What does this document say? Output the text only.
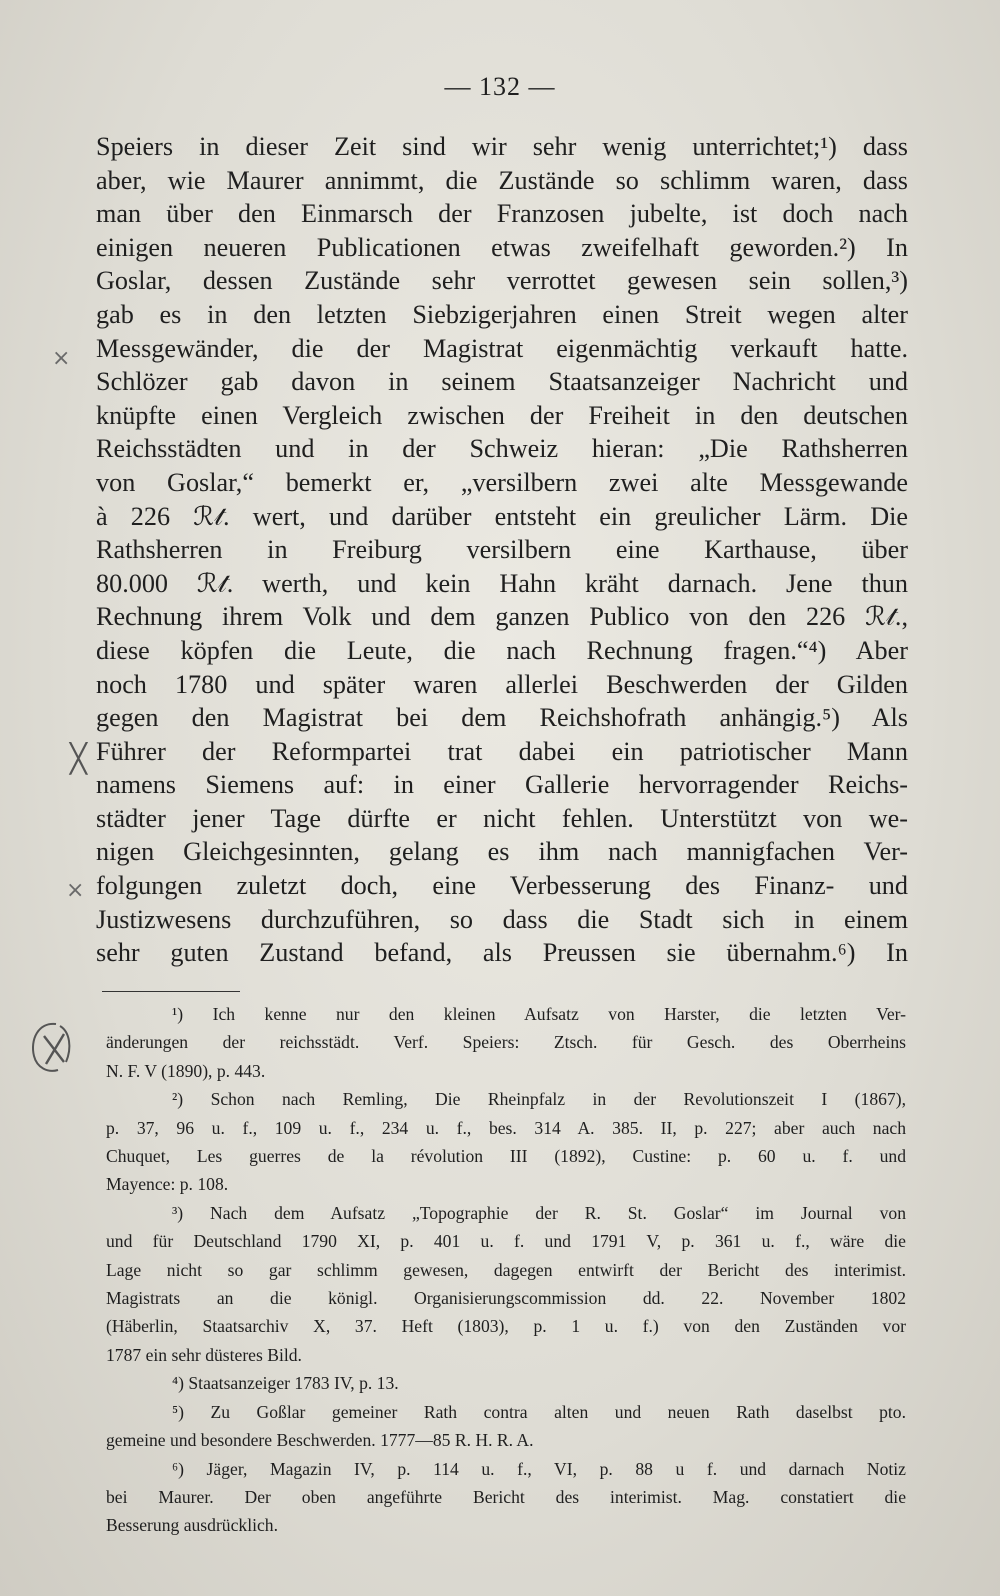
— 132 —
Speiers in dieser Zeit sind wir sehr wenig unterrichtet;¹) dass
aber, wie Maurer annimmt, die Zustände so schlimm waren, dass
man über den Einmarsch der Franzosen jubelte, ist doch nach
einigen neueren Publicationen etwas zweifelhaft geworden.²) In
Goslar, dessen Zustände sehr verrottet gewesen sein sollen,³)
gab es in den letzten Siebzigerjahren einen Streit wegen alter
Messgewänder, die der Magistrat eigenmächtig verkauft hatte.
Schlözer gab davon in seinem Staatsanzeiger Nachricht und
knüpfte einen Vergleich zwischen der Freiheit in den deutschen
Reichsstädten und in der Schweiz hieran: „Die Rathsherren
von Goslar,“ bemerkt er, „versilbern zwei alte Messgewande
à 226 ℛ𝓉. wert, und darüber entsteht ein greulicher Lärm. Die
Rathsherren in Freiburg versilbern eine Karthause, über
80.000 ℛ𝓉. werth, und kein Hahn kräht darnach. Jene thun
Rechnung ihrem Volk und dem ganzen Publico von den 226 ℛ𝓉.,
diese köpfen die Leute, die nach Rechnung fragen.“⁴) Aber
noch 1780 und später waren allerlei Beschwerden der Gilden
gegen den Magistrat bei dem Reichshofrath anhängig.⁵) Als
Führer der Reformpartei trat dabei ein patriotischer Mann
namens Siemens auf: in einer Gallerie hervorragender Reichs-
städter jener Tage dürfte er nicht fehlen. Unterstützt von we-
nigen Gleichgesinnten, gelang es ihm nach mannigfachen Ver-
folgungen zuletzt doch, eine Verbesserung des Finanz- und
Justizwesens durchzuführen, so dass die Stadt sich in einem
sehr guten Zustand befand, als Preussen sie übernahm.⁶) In
¹) Ich kenne nur den kleinen Aufsatz von Harster, die letzten Ver-
änderungen der reichsstädt. Verf. Speiers: Ztsch. für Gesch. des Oberrheins
N. F. V (1890), p. 443.
²) Schon nach Remling, Die Rheinpfalz in der Revolutionszeit I (1867),
p. 37, 96 u. f., 109 u. f., 234 u. f., bes. 314 A. 385. II, p. 227; aber auch nach
Chuquet, Les guerres de la révolution III (1892), Custine: p. 60 u. f. und
Mayence: p. 108.
³) Nach dem Aufsatz „Topographie der R. St. Goslar“ im Journal von
und für Deutschland 1790 XI, p. 401 u. f. und 1791 V, p. 361 u. f., wäre die
Lage nicht so gar schlimm gewesen, dagegen entwirft der Bericht des interimist.
Magistrats an die königl. Organisierungscommission dd. 22. November 1802
(Häberlin, Staatsarchiv X, 37. Heft (1803), p. 1 u. f.) von den Zuständen vor
1787 ein sehr düsteres Bild.
⁴) Staatsanzeiger 1783 IV, p. 13.
⁵) Zu Goßlar gemeiner Rath contra alten und neuen Rath daselbst pto.
gemeine und besondere Beschwerden. 1777—85 R. H. R. A.
⁶) Jäger, Magazin IV, p. 114 u. f., VI, p. 88 u f. und darnach Notiz
bei Maurer. Der oben angeführte Bericht des interimist. Mag. constatiert die
Besserung ausdrücklich.
×
╳
×
